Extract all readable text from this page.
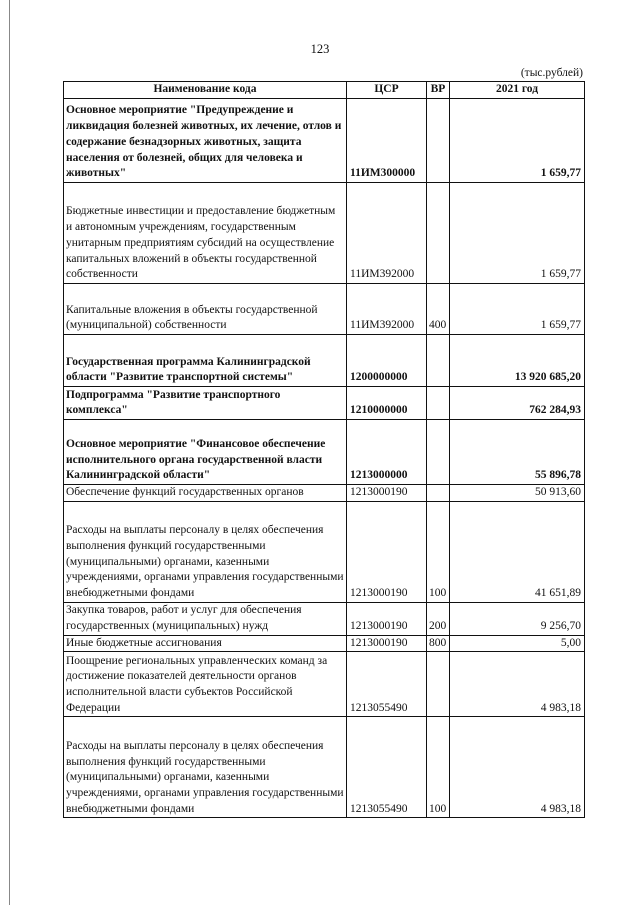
123
(тыс.рублей)
Наименование кода	ЦСР	ВР	2021 год
Основное мероприятие "Предупреждение и ликвидация болезней животных, их лечение, отлов и содержание безнадзорных животных, защита населения от болезней, общих для человека и животных"	11ИМ300000		1 659,77
Бюджетные инвестиции и предоставление бюджетным и автономным учреждениям, государственным унитарным предприятиям субсидий на осуществление капитальных вложений в объекты государственной собственности	11ИМ392000		1 659,77
Капитальные вложения в объекты государственной (муниципальной) собственности	11ИМ392000	400	1 659,77
Государственная программа Калининградской области "Развитие транспортной системы"	1200000000		13 920 685,20
Подпрограмма "Развитие транспортного комплекса"	1210000000		762 284,93
Основное мероприятие "Финансовое обеспечение исполнительного органа государственной власти Калининградской области"	1213000000		55 896,78
Обеспечение функций государственных органов	1213000190		50 913,60
Расходы на выплаты персоналу в целях обеспечения выполнения функций государственными (муниципальными) органами, казенными учреждениями, органами управления государственными внебюджетными фондами	1213000190	100	41 651,89
Закупка товаров, работ и услуг для обеспечения государственных (муниципальных) нужд	1213000190	200	9 256,70
Иные бюджетные ассигнования	1213000190	800	5,00
Поощрение региональных управленческих команд за достижение показателей деятельности органов исполнительной власти субъектов Российской Федерации	1213055490		4 983,18
Расходы на выплаты персоналу в целях обеспечения выполнения функций государственными (муниципальными) органами, казенными учреждениями, органами управления государственными внебюджетными фондами	1213055490	100	4 983,18
